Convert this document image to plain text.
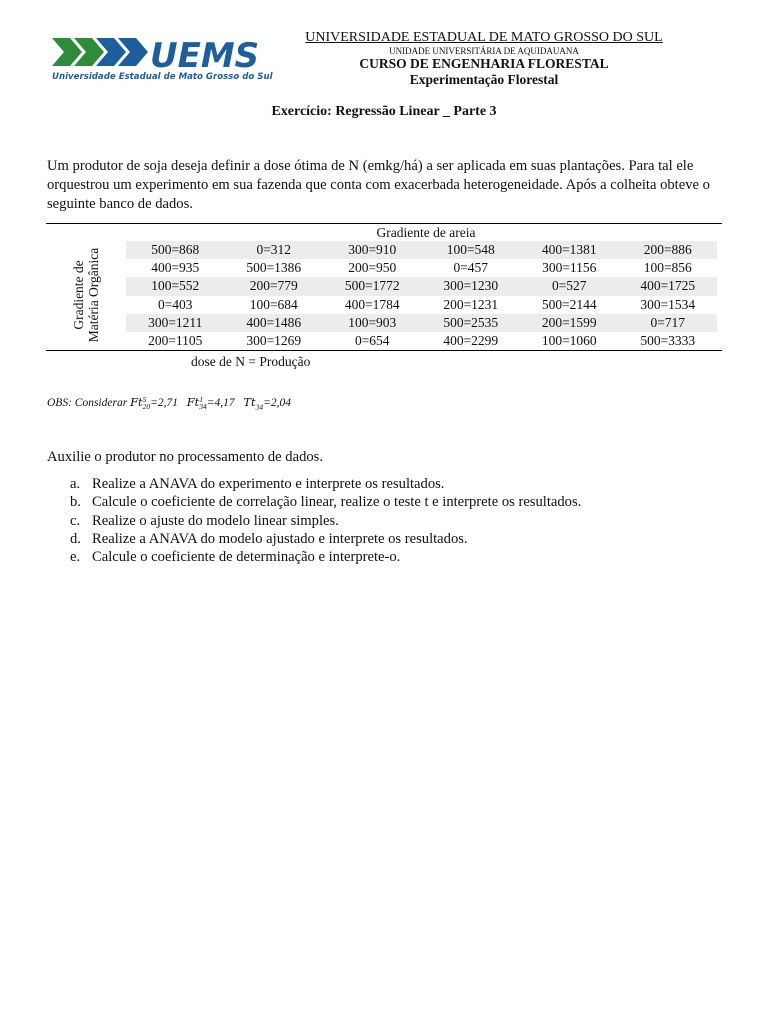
UEMS
Universidade Estadual de Mato Grosso do Sul
UNIVERSIDADE ESTADUAL DE MATO GROSSO DO SUL
UNIDADE UNIVERSITÁRIA DE AQUIDAUANA
CURSO DE ENGENHARIA FLORESTAL
Experimentação Florestal
Exercício: Regressão Linear _ Parte 3
Um produtor de soja deseja definir a dose ótima de N (emkg/há) a ser aplicada em suas plantações. Para tal ele orquestrou um experimento em sua fazenda que conta com exacerbada heterogeneidade. Após a colheita obteve o seguinte banco de dados.
Gradiente de areia
Gradiente de Matéria Orgânica	500=868	0=312	300=910	100=548	400=1381	200=886
400=935	500=1386	200=950	0=457	300=1156	100=856
100=552	200=779	500=1772	300=1230	0=527	400=1725
0=403	100=684	400=1784	200=1231	500=2144	300=1534
300=1211	400=1486	100=903	500=2535	200=1599	0=717
200=1105	300=1269	0=654	400=2299	100=1060	500=3333
dose de N = Produção
OBS: Considerar Ft5
20=2,71 Ft1
34=4,17 $Tt_{34}=2,04$
Auxilie o produtor no processamento de dados.
a. Realize a ANAVA do experimento e interprete os resultados.
b. Calcule o coeficiente de correlação linear, realize o teste t e interprete os resultados.
c. Realize o ajuste do modelo linear simples.
d. Realize a ANAVA do modelo ajustado e interprete os resultados.
e. Calcule o coeficiente de determinação e interprete-o.
